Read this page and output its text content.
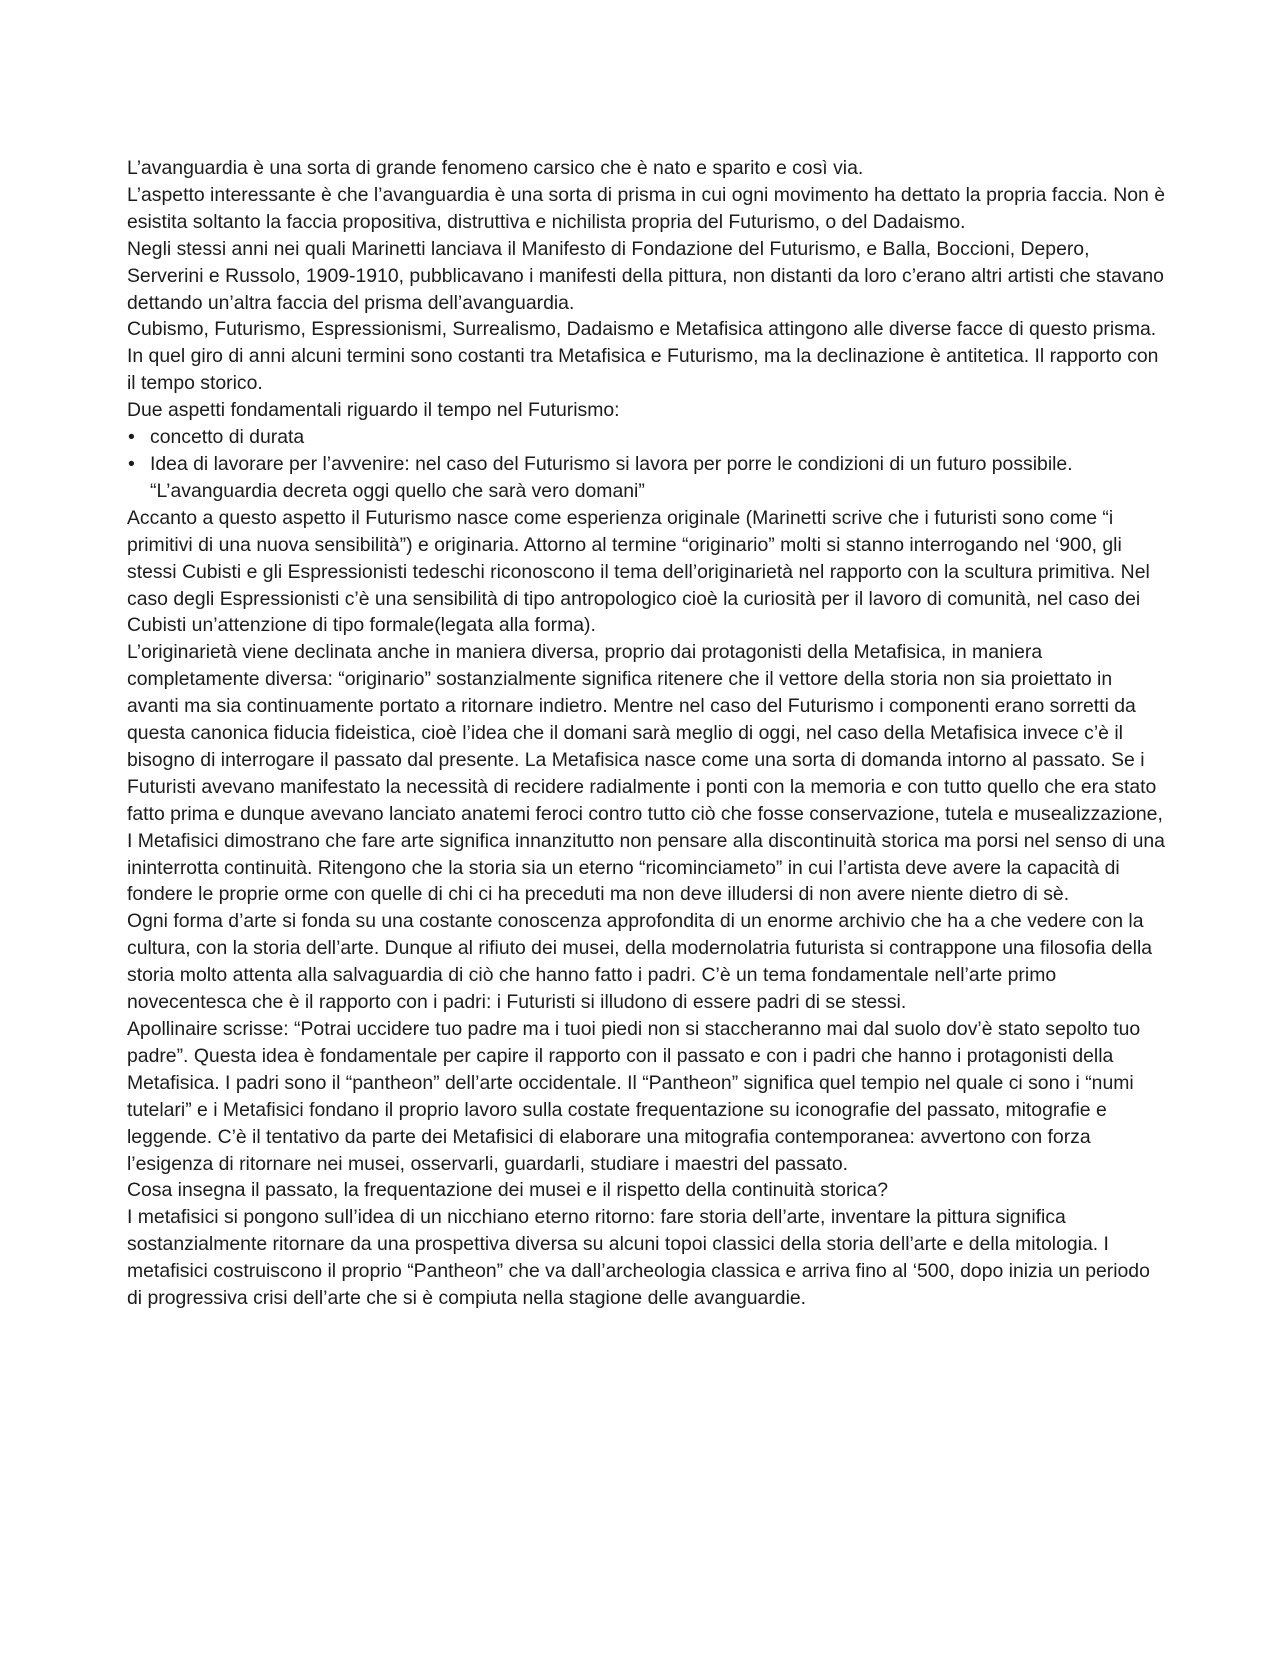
L’avanguardia è una sorta di grande fenomeno carsico che è nato e sparito e così via.

L’aspetto interessante è che l’avanguardia è una sorta di prisma in cui ogni movimento ha dettato la propria faccia. Non è esistita soltanto la faccia propositiva, distruttiva e nichilista propria del Futurismo, o del Dadaismo.

Negli stessi anni nei quali Marinetti lanciava il Manifesto di Fondazione del Futurismo, e Balla, Boccioni, Depero, Serverini e Russolo, 1909-1910, pubblicavano i manifesti della pittura, non distanti da loro c’erano altri artisti che stavano dettando un’altra faccia del prisma dell’avanguardia.

Cubismo, Futurismo, Espressionismi, Surrealismo, Dadaismo e Metafisica attingono alle diverse facce di questo prisma.

In quel giro di anni alcuni termini sono costanti tra Metafisica e Futurismo, ma la declinazione è antitetica. Il rapporto con il tempo storico.

Due aspetti fondamentali riguardo il tempo nel Futurismo:

• concetto di durata
• Idea di lavorare per l’avvenire: nel caso del Futurismo si lavora per porre le condizioni di un futuro possibile. “L’avanguardia decreta oggi quello che sarà vero domani”

Accanto a questo aspetto il Futurismo nasce come esperienza originale (Marinetti scrive che i futuristi sono come “i primitivi di una nuova sensibilità”) e originaria. Attorno al termine “originario” molti si stanno interrogando nel ‘900, gli stessi Cubisti e gli Espressionisti tedeschi riconoscono il tema dell’originarietà nel rapporto con la scultura primitiva. Nel caso degli Espressionisti c’è una sensibilità di tipo antropologico cioè la curiosità per il lavoro di comunità, nel caso dei Cubisti un’attenzione di tipo formale(legata alla forma).

L’originarietà viene declinata anche in maniera diversa, proprio dai protagonisti della Metafisica, in maniera completamente diversa: “originario” sostanzialmente significa ritenere che il vettore della storia non sia proiettato in avanti ma sia continuamente portato a ritornare indietro. Mentre nel caso del Futurismo i componenti erano sorretti da questa canonica fiducia fideistica, cioè l’idea che il domani sarà meglio di oggi, nel caso della Metafisica invece c’è il bisogno di interrogare il passato dal presente. La Metafisica nasce come una sorta di domanda intorno al passato. Se i Futuristi avevano manifestato la necessità di recidere radialmente i ponti con la memoria e con tutto quello che era stato fatto prima e dunque avevano lanciato anatemi feroci contro tutto ciò che fosse conservazione, tutela e musealizzazione, I Metafisici dimostrano che fare arte significa innanzitutto non pensare alla discontinuità storica ma porsi nel senso di una ininterrotta continuità. Ritengono che la storia sia un eterno “ricominciameto” in cui l’artista deve avere la capacità di fondere le proprie orme con quelle di chi ci ha preceduti ma non deve illudersi di non avere niente dietro di sè.

Ogni forma d’arte si fonda su una costante conoscenza approfondita di un enorme archivio che ha a che vedere con la cultura, con la storia dell’arte. Dunque al rifiuto dei musei, della modernolatria futurista si contrappone una filosofia della storia molto attenta alla salvaguardia di ciò che hanno fatto i padri. C’è un tema fondamentale nell’arte primo novecentesca che è il rapporto con i padri: i Futuristi si illudono di essere padri di se stessi.

Apollinaire scrisse: “Potrai uccidere tuo padre ma i tuoi piedi non si staccheranno mai dal suolo dov’è stato sepolto tuo padre”. Questa idea è fondamentale per capire il rapporto con il passato e con i padri che hanno i protagonisti della Metafisica. I padri sono il “pantheon” dell’arte occidentale. Il “Pantheon” significa quel tempio nel quale ci sono i “numi tutelari” e i Metafisici fondano il proprio lavoro sulla costate frequentazione su iconografie del passato, mitografie e leggende. C’è il tentativo da parte dei Metafisici di elaborare una mitografia contemporanea: avvertono con forza l’esigenza di ritornare nei musei, osservarli, guardarli, studiare i maestri del passato.

Cosa insegna il passato, la frequentazione dei musei e il rispetto della continuità storica?

I metafisici si pongono sull’idea di un nicchiano eterno ritorno: fare storia dell’arte, inventare la pittura significa sostanzialmente ritornare da una prospettiva diversa su alcuni topoi classici della storia dell’arte e della mitologia. I metafisici costruiscono il proprio “Pantheon” che va dall’archeologia classica e arriva fino al ‘500, dopo inizia un periodo di progressiva crisi dell’arte che si è compiuta nella stagione delle avanguardie.
